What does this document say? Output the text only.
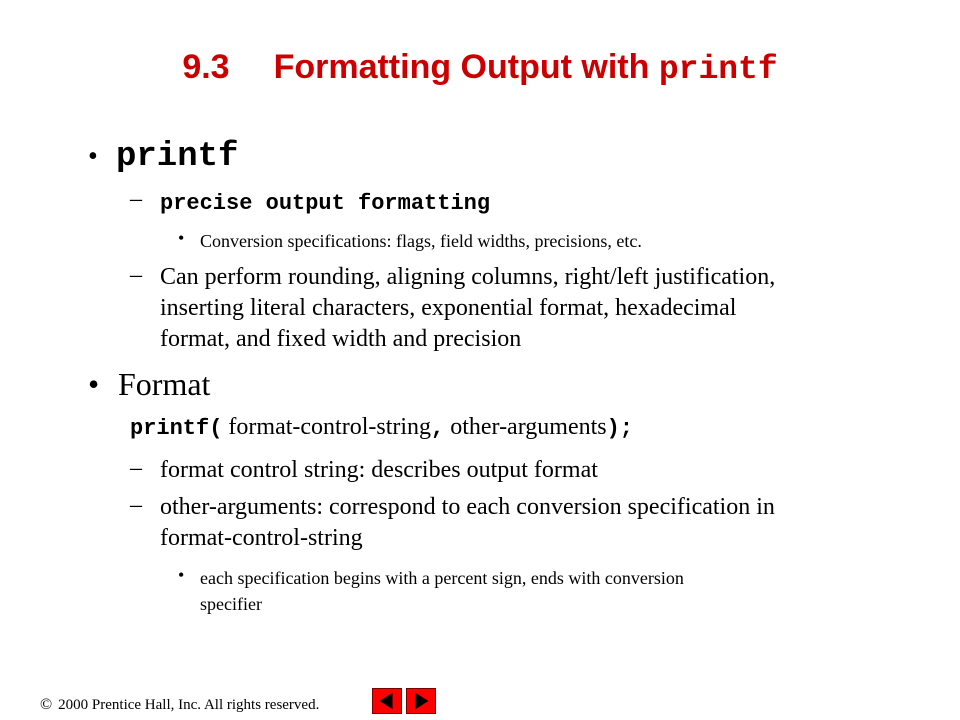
9.3 Formatting Output with printf
• printf
– precise output formatting
• Conversion specifications: flags, field widths, precisions, etc.
– Can perform rounding, aligning columns, right/left justification,
inserting literal characters, exponential format, hexadecimal
format, and fixed width and precision
• Format
printf( format-control-string, other-arguments);
– format control string: describes output format
– other-arguments: correspond to each conversion specification in
format-control-string
• each specification begins with a percent sign, ends with conversion
specifier
© 2000 Prentice Hall, Inc. All rights reserved.
